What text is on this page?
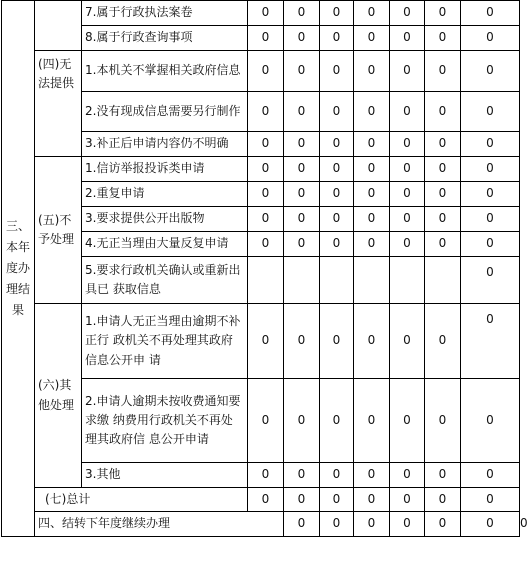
三、本年度办理结果		7.属于行政执法案卷	0	0	0	0	0	0	0	
		8.属于行政查询事项	0	0	0	0	0	0	0	
	(四)无法提供	1.本机关不掌握相关政府信息	0	0	0	0	0	0	0	
		2.没有现成信息需要另行制作	0	0	0	0	0	0	0	
		3.补正后申请内容仍不明确	0	0	0	0	0	0	0	
	(五)不予处理	1.信访举报投诉类申请	0	0	0	0	0	0	0	
		2.重复申请	0	0	0	0	0	0	0	
		3.要求提供公开出版物	0	0	0	0	0	0	0	
		4.无正当理由大量反复申请	0	0	0	0	0	0	0	
		5.要求行政机关确认或重新出具已 获取信息							0	
	(六)其他处理	1.申请人无正当理由逾期不补正行 政机关不再处理其政府信息公开申 请	0	0	0	0	0	0	0	
		2.申请人逾期未按收费通知要求缴 纳费用行政机关不再处理其政府信 息公开申请	0	0	0	0	0	0	0	
		3.其他	0	0	0	0	0	0	0	
	(七)总计		0	0	0	0	0	0	0	
	四、结转下年度继续办理			0	0	0	0	0	0	0
